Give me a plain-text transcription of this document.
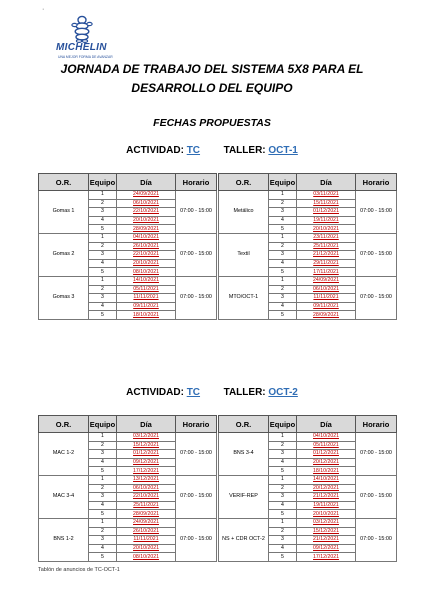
·
MICHELIN
UNA MEJOR FORMA DE AVANZAR
JORNADA DE TRABAJO DEL SISTEMA 5X8 PARA EL
DESARROLLO DEL EQUIPO
FECHAS PROPUESTAS
ACTIVIDAD: TC TALLER: OCT-1
ACTIVIDAD: TC TALLER: OCT-2
O.R.	Equipo	Día	Horario
Gomas 1	1	24/09/2021	07:00 - 15:00
	2	06/10/2021	
	3	22/10/2021	
	4	20/10/2021	
	5	28/09/2021	
Gomas 2	1	04/10/2021	07:00 - 15:00
	2	26/10/2021	
	3	22/10/2021	
	4	20/10/2021	
	5	08/10/2021	
Gomas 3	1	14/10/2021	07:00 - 15:00
	2	05/11/2021	
	3	11/11/2021	
	4	09/11/2021	
	5	18/10/2021	
O.R.	Equipo	Día	Horario
Metálico	1	03/11/2021	07:00 - 15:00
	2	15/11/2021	
	3	01/12/2021	
	4	19/11/2021	
	5	20/10/2021	
Textil	1	23/11/2021	07:00 - 15:00
	2	25/11/2021	
	3	21/12/2021	
	4	29/11/2021	
	5	17/11/2021	
MTO/OCT-1	1	24/09/2021	07:00 - 15:00
	2	06/10/2021	
	3	11/11/2021	
	4	09/11/2021	
	5	28/09/2021	
O.R.	Equipo	Día	Horario
MAC 1-2	1	03/12/2021	07:00 - 15:00
	2	15/12/2021	
	3	01/12/2021	
	4	09/12/2021	
	5	17/12/2021	
MAC 3-4	1	13/12/2021	07:00 - 15:00
	2	06/10/2021	
	3	22/10/2021	
	4	25/11/2021	
	5	28/09/2021	
BNS 1-2	1	24/09/2021	07:00 - 15:00
	2	26/10/2021	
	3	11/11/2021	
	4	20/10/2021	
	5	08/10/2021	
O.R.	Equipo	Día	Horario
BNS 3-4	1	04/10/2021	07:00 - 15:00
	2	05/11/2021	
	3	01/12/2021	
	4	20/12/2021	
	5	18/10/2021	
VERIF-REP	1	14/10/2021	07:00 - 15:00
	2	20/12/2021	
	3	21/12/2021	
	4	19/11/2021	
	5	20/10/2021	
NS + CDR OCT-2	1	03/12/2021	07:00 - 15:00
	2	15/12/2021	
	3	21/12/2021	
	4	09/12/2021	
	5	17/12/2021	
Tablón de anuncios de TC-OCT-1
